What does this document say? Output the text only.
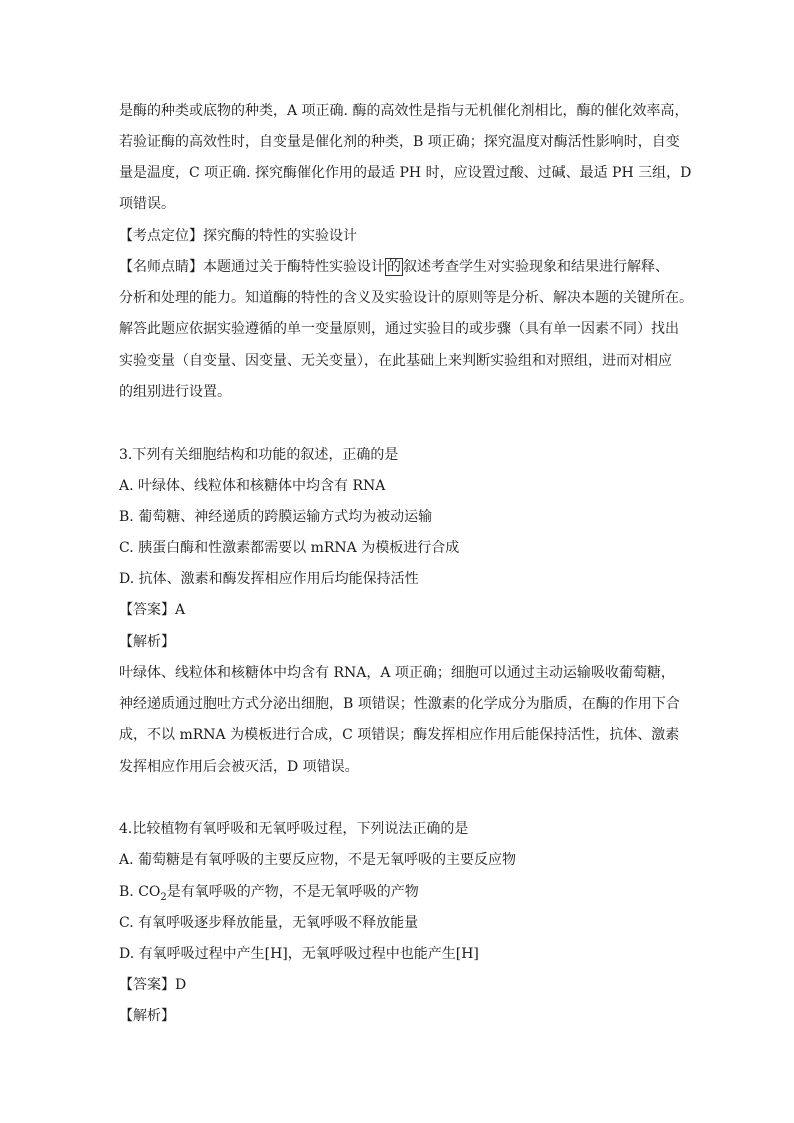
是酶的种类或底物的种类，A 项正确. 酶的高效性是指与无机催化剂相比，酶的催化效率高，
若验证酶的高效性时，自变量是催化剂的种类，B 项正确；探究温度对酶活性影响时，自变
量是温度，C 项正确. 探究酶催化作用的最适 PH 时，应设置过酸、过碱、最适 PH 三组，D
项错误。
【考点定位】探究酶的特性的实验设计
【名师点睛】本题通过关于酶特性实验设计 的 叙述考查学生对实验现象和结果进行解释、
分析和处理的能力。知道酶的特性的含义及实验设计的原则等是分析、解决本题的关键所在。
解答此题应依据实验遵循的单一变量原则，通过实验目的或步骤（具有单一因素不同）找出
实验变量（自变量、因变量、无关变量），在此基础上来判断实验组和对照组，进而对相应
的组别进行设置。
3.下列有关细胞结构和功能的叙述，正确的是
A. 叶绿体、线粒体和核糖体中均含有 RNA
B. 葡萄糖、神经递质的跨膜运输方式均为被动运输
C. 胰蛋白酶和性激素都需要以 mRNA 为模板进行合成
D. 抗体、激素和酶发挥相应作用后均能保持活性
【答案】A
【解析】
叶绿体、线粒体和核糖体中均含有 RNA，A 项正确；细胞可以通过主动运输吸收葡萄糖，
神经递质通过胞吐方式分泌出细胞，B 项错误；性激素的化学成分为脂质，在酶的作用下合
成，不以 mRNA 为模板进行合成，C 项错误；酶发挥相应作用后能保持活性，抗体、激素
发挥相应作用后会被灭活，D 项错误。
4.比较植物有氧呼吸和无氧呼吸过程，下列说法正确的是
A. 葡萄糖是有氧呼吸的主要反应物，不是无氧呼吸的主要反应物
B. $CO_2$是有氧呼吸的产物，不是无氧呼吸的产物
C. 有氧呼吸逐步释放能量，无氧呼吸不释放能量
D. 有氧呼吸过程中产生[H]，无氧呼吸过程中也能产生[H]
【答案】D
【解析】
